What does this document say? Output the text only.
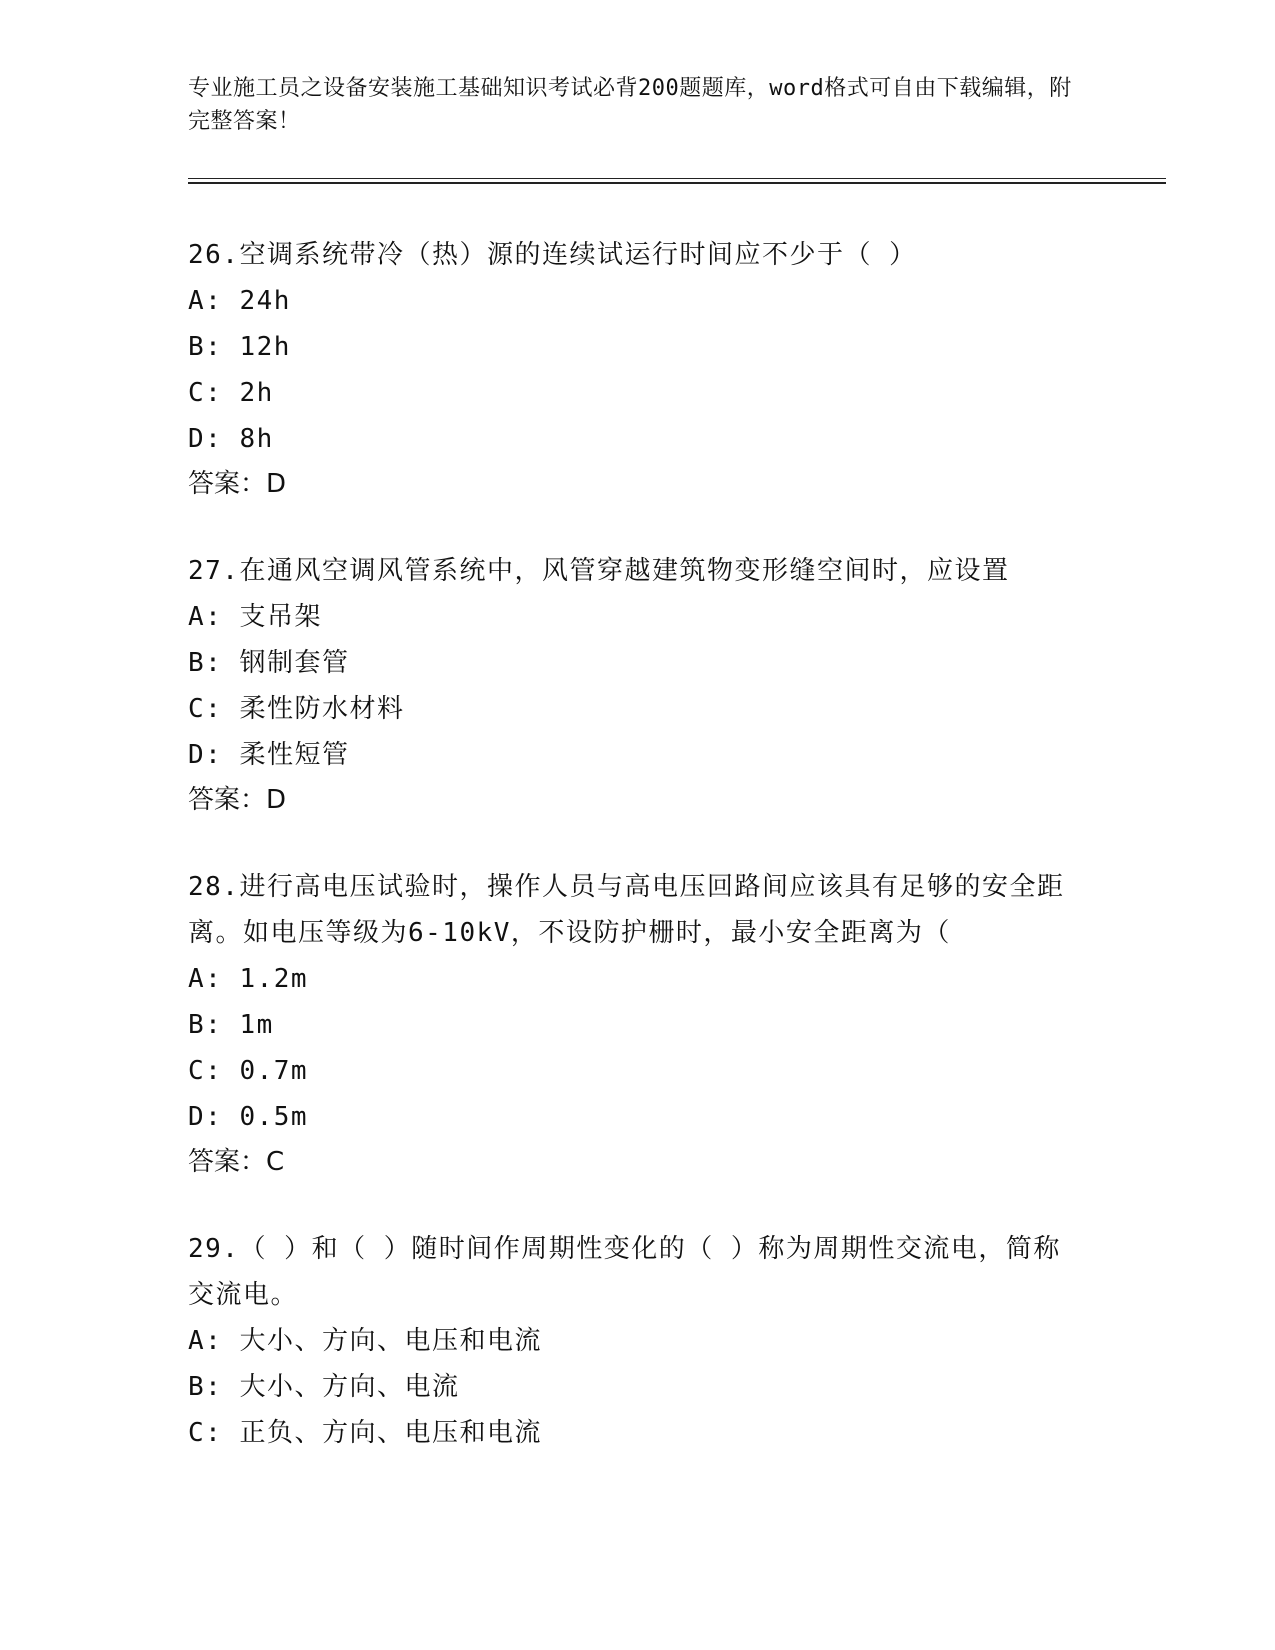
专业施工员之设备安装施工基础知识考试必背200题题库，word格式可自由下载编辑，附完整答案！

26.空调系统带冷（热）源的连续试运行时间应不少于（ ）

A: 24h

B: 12h

C: 2h

D: 8h

答案：D

27.在通风空调风管系统中，风管穿越建筑物变形缝空间时，应设置

A: 支吊架

B: 钢制套管

C: 柔性防水材料

D: 柔性短管

答案：D

28.进行高电压试验时，操作人员与高电压回路间应该具有足够的安全距离。如电压等级为6-10kV，不设防护栅时，最小安全距离为（

A: 1.2m

B: 1m

C: 0.7m

D: 0.5m

答案：C

29.（ ）和（ ）随时间作周期性变化的（ ）称为周期性交流电，简称交流电。

A: 大小、方向、电压和电流

B: 大小、方向、电流

C: 正负、方向、电压和电流
